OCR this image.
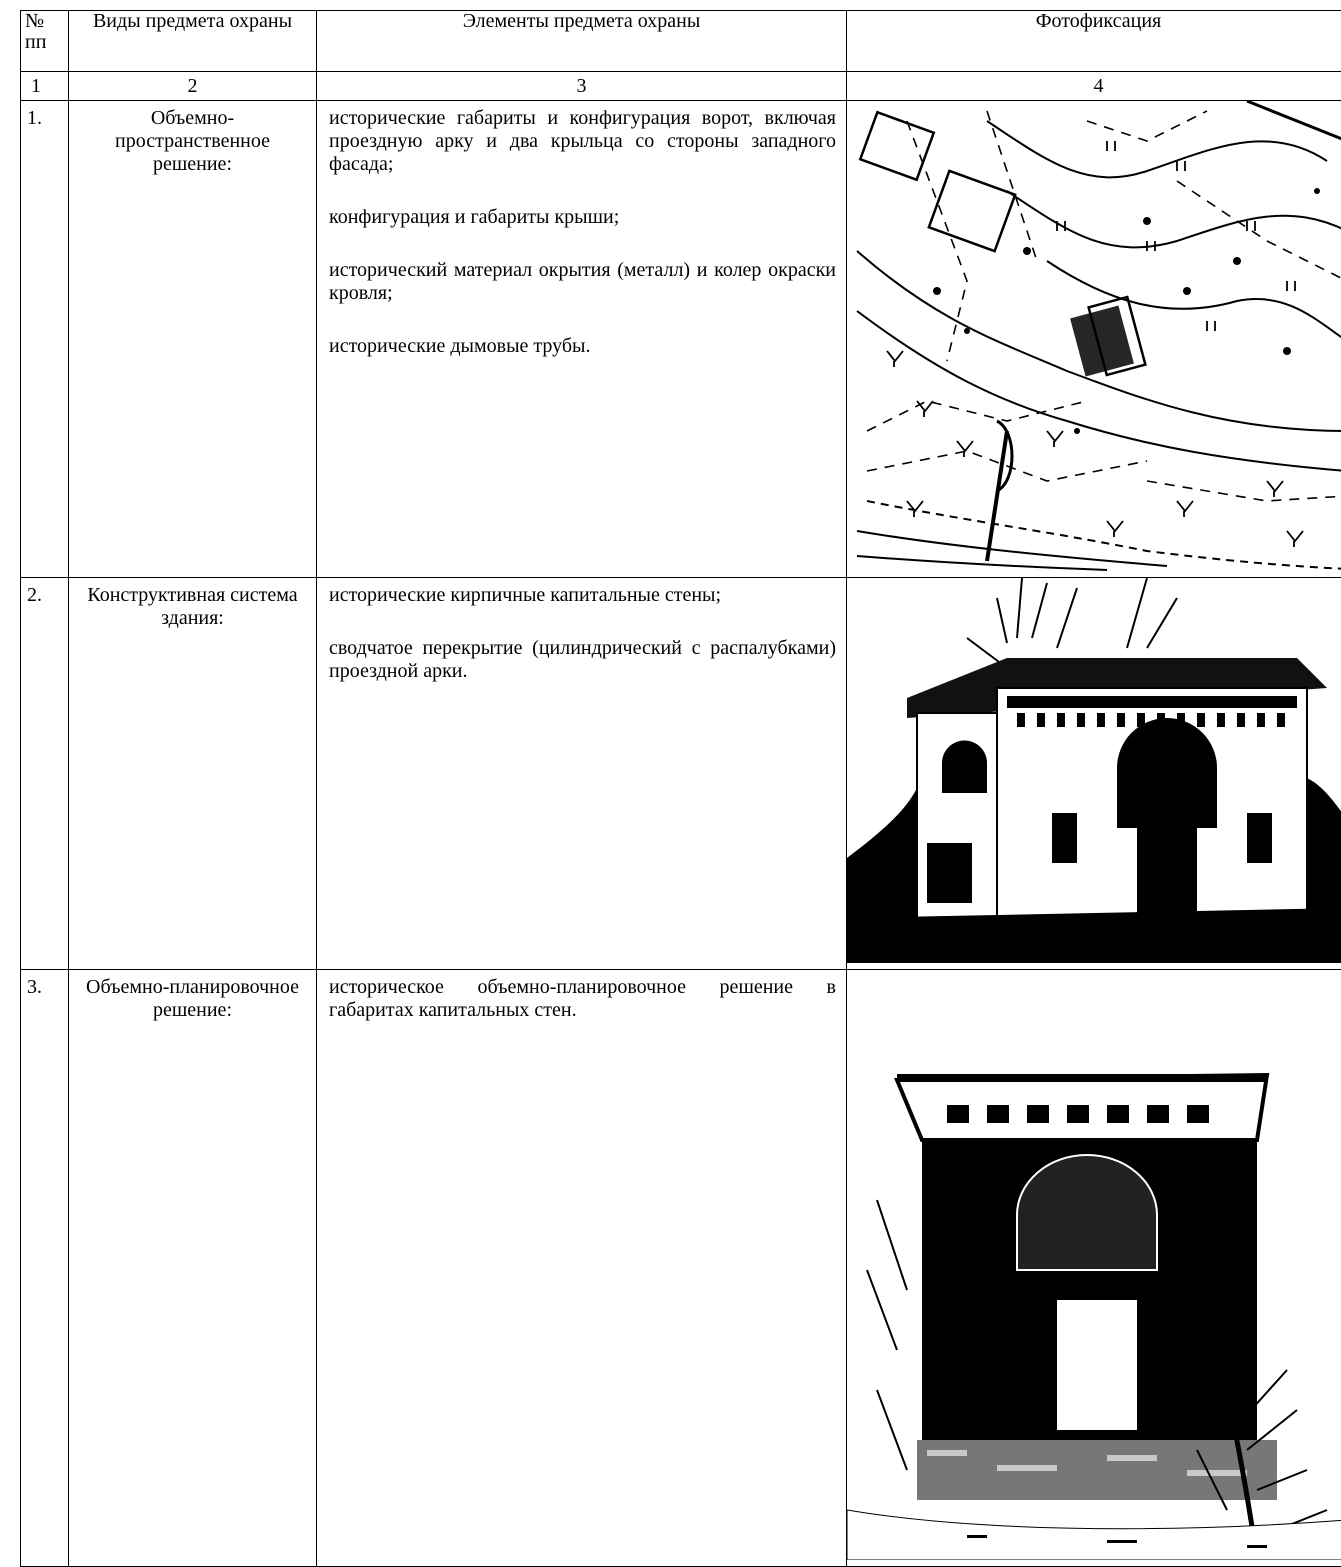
№ пп	Виды предмета охраны	Элементы предмета охраны	Фотофиксация
1	2	3	4
1.	Объемно-пространственное решение:	исторические габариты и конфигурация ворот, включая проездную арку и два крыльца со стороны западного фасада;

конфигурация и габариты крыши;

исторический материал окрытия (металл) и колер окраски кровля;

исторические дымовые трубы.

2.	Конструктивная система здания:	исторические кирпичные капитальные стены;

сводчатое перекрытие (цилиндрический с распалубками) проездной арки.

3.	Объемно-планировочное решение:	историческое объемно-планировочное решение в габаритах капитальных стен.
